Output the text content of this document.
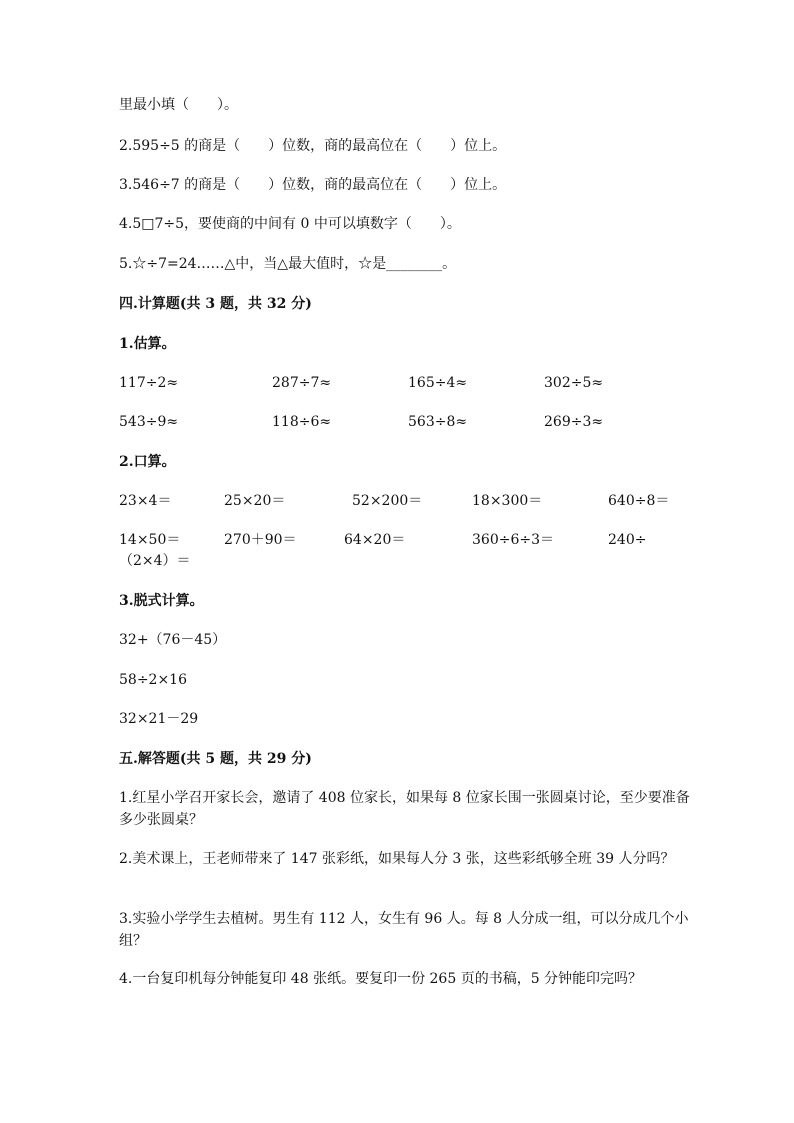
里最小填（　　）。
2.595÷5 的商是（　　）位数，商的最高位在（　　）位上。
3.546÷7 的商是（　　）位数，商的最高位在（　　）位上。
4.5□7÷5，要使商的中间有 0 中可以填数字（　　）。
5.☆÷7=24……△中，当△最大值时，☆是________。
四.计算题(共 3 题，共 32 分)
1.估算。
117÷2≈	287÷7≈	165÷4≈	302÷5≈
543÷9≈	118÷6≈	563÷8≈	269÷3≈
2.口算。
23×4＝	25×20＝	52×200＝	18×300＝	640÷8＝
14×50＝	270＋90＝	64×20＝	360÷6÷3＝	240÷
（2×4）＝
3.脱式计算。
32+（76－45）
58÷2×16
32×21－29
五.解答题(共 5 题，共 29 分)
1.红星小学召开家长会，邀请了 408 位家长，如果每 8 位家长围一张圆桌讨论，至少要准备多少张圆桌？
2.美术课上，王老师带来了 147 张彩纸，如果每人分 3 张，这些彩纸够全班 39 人分吗？
3.实验小学学生去植树。男生有 112 人，女生有 96 人。每 8 人分成一组，可以分成几个小组？
4.一台复印机每分钟能复印 48 张纸。要复印一份 265 页的书稿，5 分钟能印完吗？
